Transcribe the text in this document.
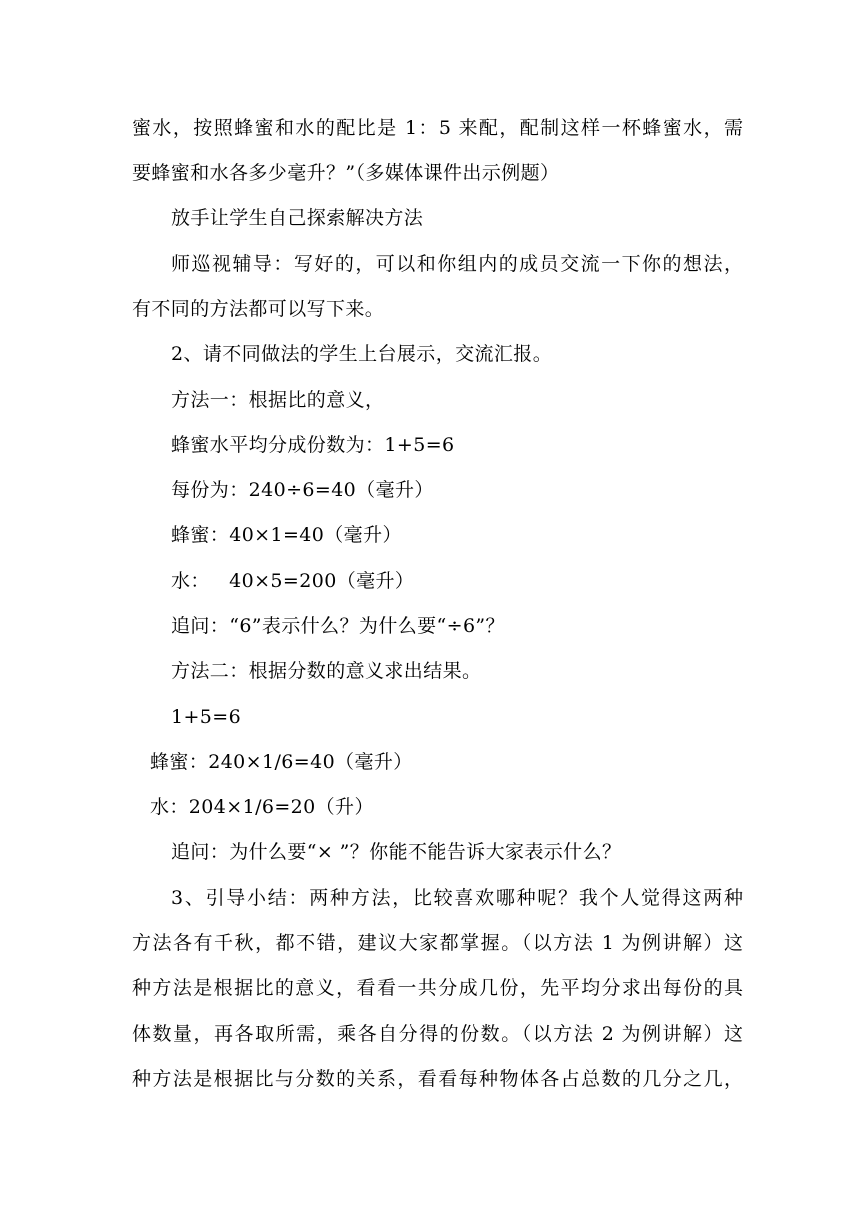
蜜水，按照蜂蜜和水的配比是 1：5 来配，配制这样一杯蜂蜜水，需
要蜂蜜和水各多少毫升？”（多媒体课件出示例题）
放手让学生自己探索解决方法
师巡视辅导：写好的，可以和你组内的成员交流一下你的想法，
有不同的方法都可以写下来。
2、请不同做法的学生上台展示，交流汇报。
方法一：根据比的意义，
蜂蜜水平均分成份数为：1+5=6
每份为：240÷6=40（毫升）
蜂蜜：40×1=40（毫升）
水：   40×5=200（毫升）
追问：“6”表示什么？为什么要“÷6”？
方法二：根据分数的意义求出结果。
1+5=6
蜂蜜：240×1/6=40（毫升）
水：204×1/6=20（升）
追问：为什么要“× ”？你能不能告诉大家表示什么？
3、引导小结：两种方法，比较喜欢哪种呢？我个人觉得这两种
方法各有千秋，都不错，建议大家都掌握。（以方法 1 为例讲解）这
种方法是根据比的意义，看看一共分成几份，先平均分求出每份的具
体数量，再各取所需，乘各自分得的份数。（以方法 2 为例讲解）这
种方法是根据比与分数的关系，看看每种物体各占总数的几分之几，
